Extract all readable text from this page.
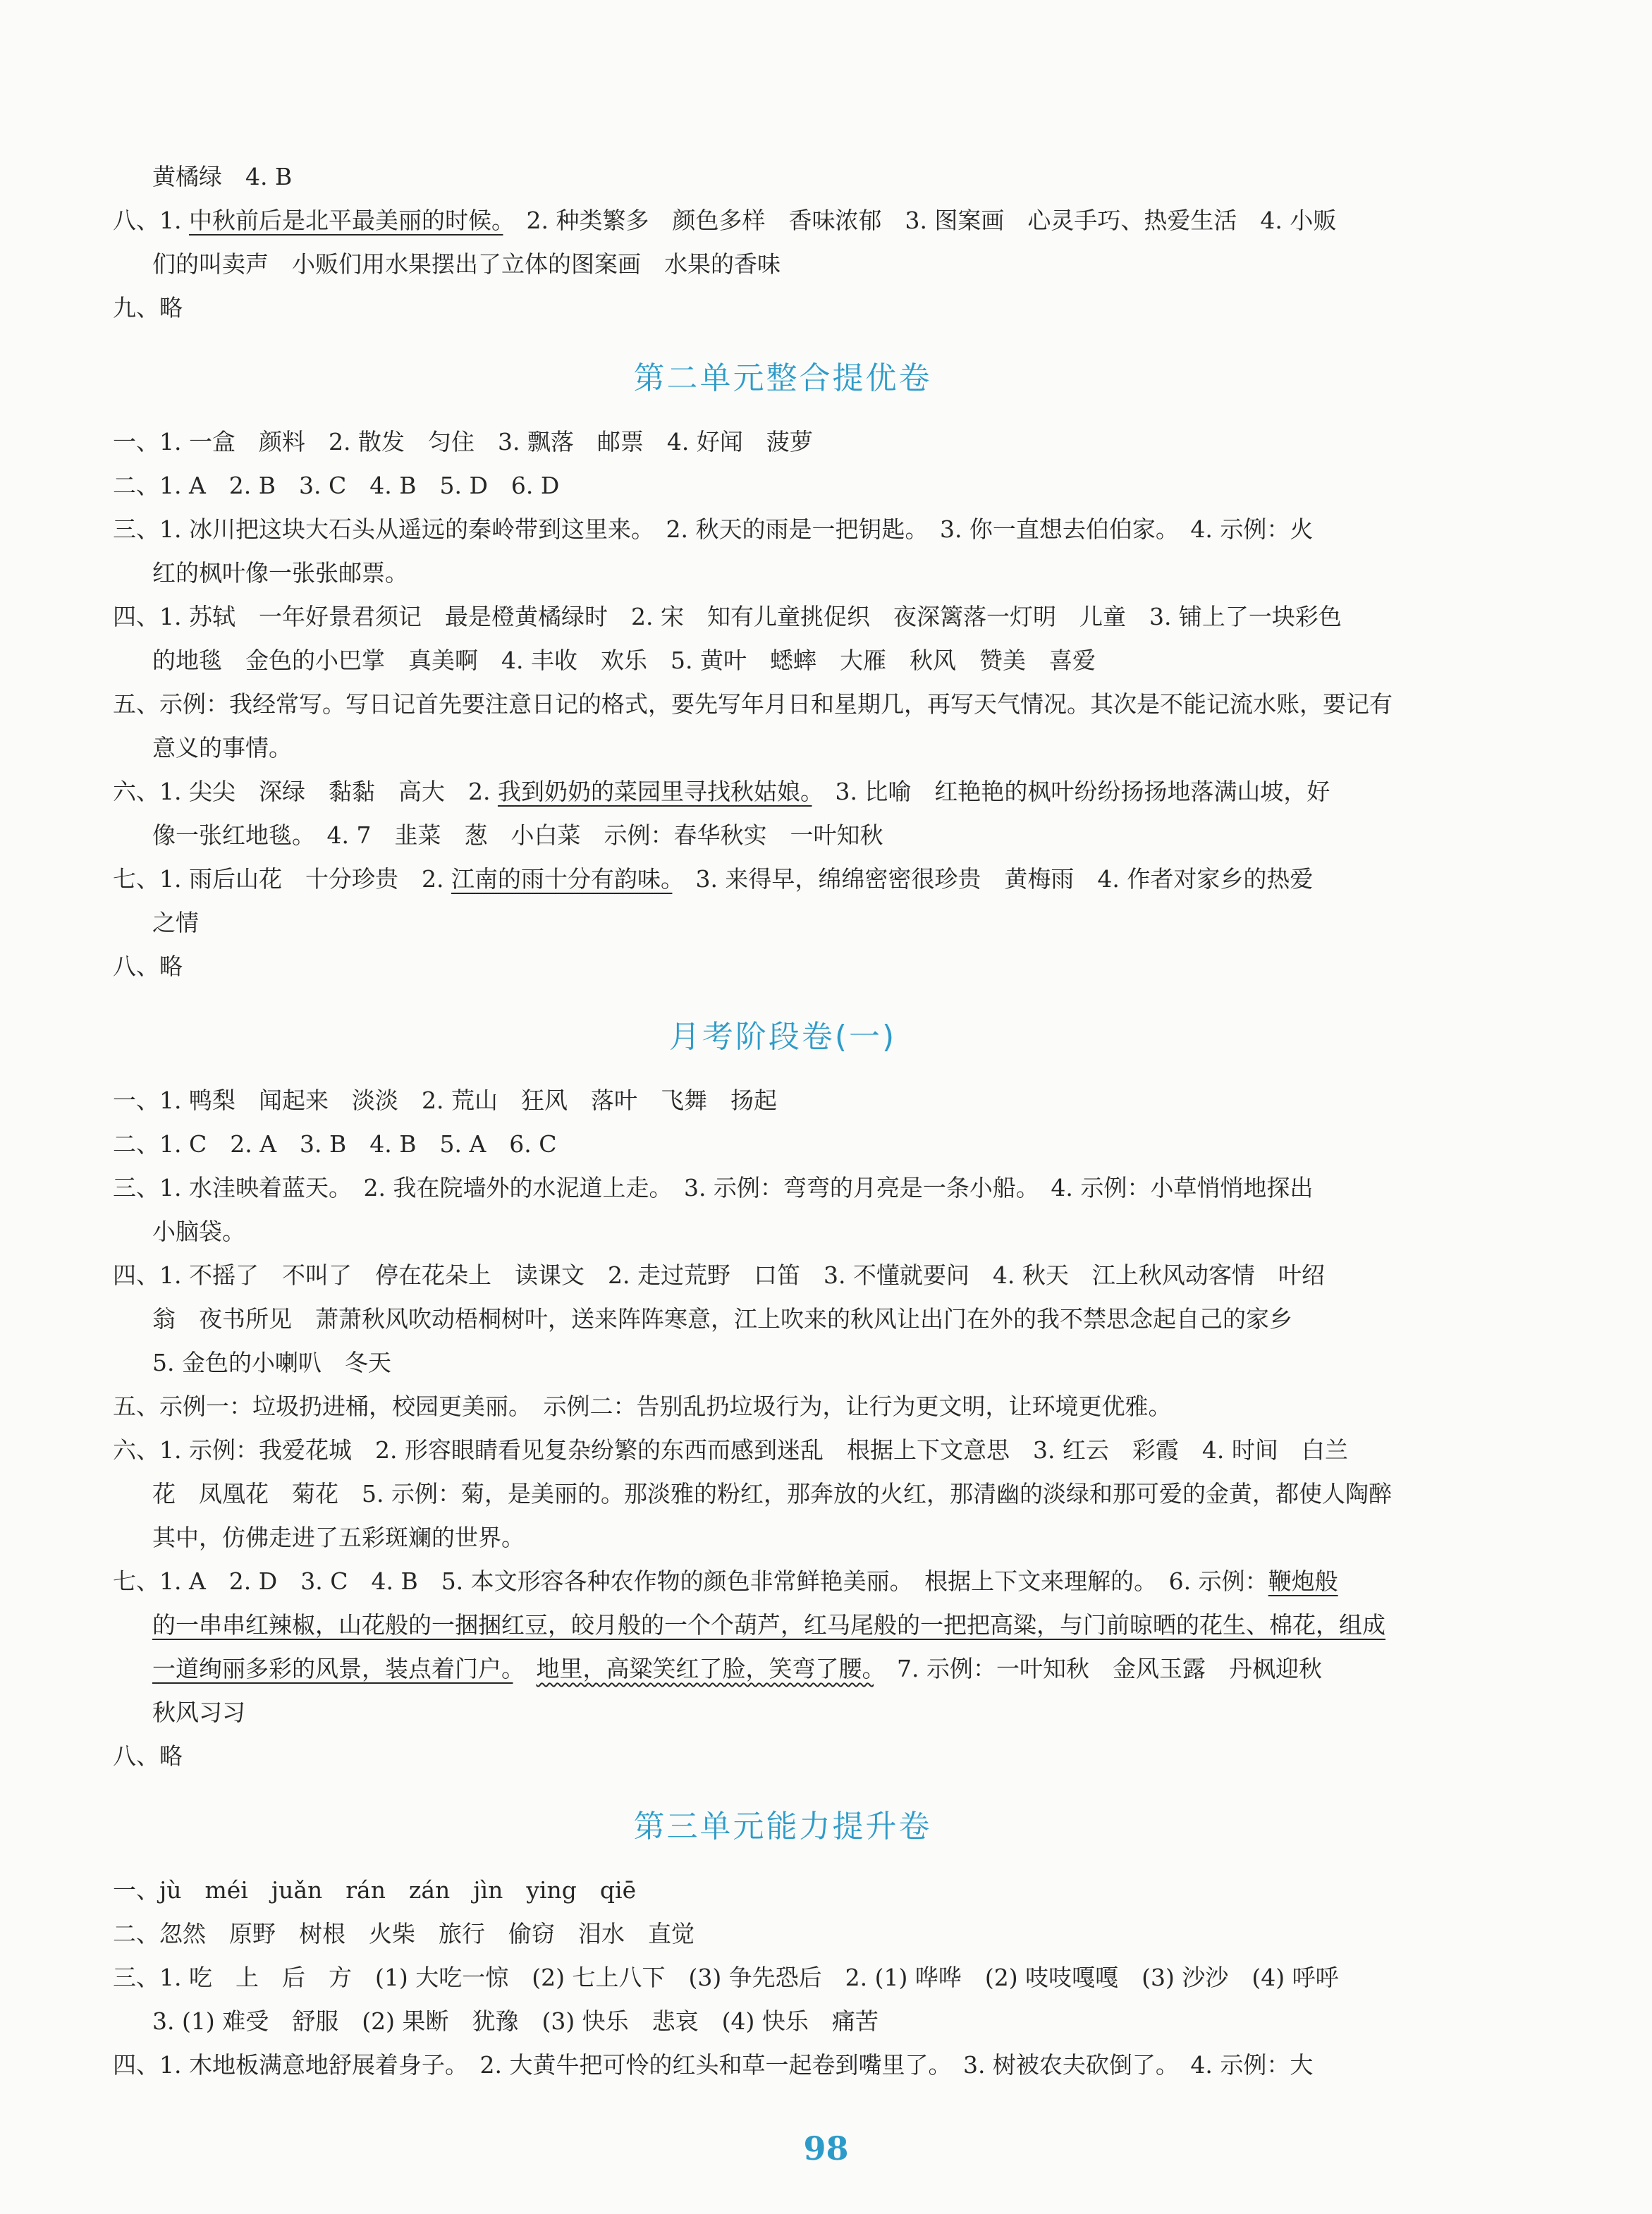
黄橘绿　4. B
八、1. 中秋前后是北平最美丽的时候。　2. 种类繁多　颜色多样　香味浓郁　3. 图案画　心灵手巧、热爱生活　4. 小贩
们的叫卖声　小贩们用水果摆出了立体的图案画　水果的香味
九、略
第二单元整合提优卷
一、1. 一盒　颜料　2. 散发　匀住　3. 飘落　邮票　4. 好闻　菠萝
二、1. A　2. B　3. C　4. B　5. D　6. D
三、1. 冰川把这块大石头从遥远的秦岭带到这里来。　2. 秋天的雨是一把钥匙。　3. 你一直想去伯伯家。　4. 示例：火
红的枫叶像一张张邮票。
四、1. 苏轼　一年好景君须记　最是橙黄橘绿时　2. 宋　知有儿童挑促织　夜深篱落一灯明　儿童　3. 铺上了一块彩色
的地毯　金色的小巴掌　真美啊　4. 丰收　欢乐　5. 黄叶　蟋蟀　大雁　秋风　赞美　喜爱
五、示例：我经常写。写日记首先要注意日记的格式，要先写年月日和星期几，再写天气情况。其次是不能记流水账，要记有
意义的事情。
六、1. 尖尖　深绿　黏黏　高大　2. 我到奶奶的菜园里寻找秋姑娘。　3. 比喻　红艳艳的枫叶纷纷扬扬地落满山坡，好
像一张红地毯。　4. 7　韭菜　葱　小白菜　示例：春华秋实　一叶知秋
七、1. 雨后山花　十分珍贵　2. 江南的雨十分有韵味。　3. 来得早，绵绵密密很珍贵　黄梅雨　4. 作者对家乡的热爱
之情
八、略
月考阶段卷(一)
一、1. 鸭梨　闻起来　淡淡　2. 荒山　狂风　落叶　飞舞　扬起
二、1. C　2. A　3. B　4. B　5. A　6. C
三、1. 水洼映着蓝天。　2. 我在院墙外的水泥道上走。　3. 示例：弯弯的月亮是一条小船。　4. 示例：小草悄悄地探出
小脑袋。
四、1. 不摇了　不叫了　停在花朵上　读课文　2. 走过荒野　口笛　3. 不懂就要问　4. 秋天　江上秋风动客情　叶绍
翁　夜书所见　萧萧秋风吹动梧桐树叶，送来阵阵寒意，江上吹来的秋风让出门在外的我不禁思念起自己的家乡
5. 金色的小喇叭　冬天
五、示例一：垃圾扔进桶，校园更美丽。　示例二：告别乱扔垃圾行为，让行为更文明，让环境更优雅。
六、1. 示例：我爱花城　2. 形容眼睛看见复杂纷繁的东西而感到迷乱　根据上下文意思　3. 红云　彩霞　4. 时间　白兰
花　凤凰花　菊花　5. 示例：菊，是美丽的。那淡雅的粉红，那奔放的火红，那清幽的淡绿和那可爱的金黄，都使人陶醉
其中，仿佛走进了五彩斑斓的世界。
七、1. A　2. D　3. C　4. B　5. 本文形容各种农作物的颜色非常鲜艳美丽。　根据上下文来理解的。　6. 示例：鞭炮般
的一串串红辣椒，山花般的一捆捆红豆，皎月般的一个个葫芦，红马尾般的一把把高粱，与门前晾晒的花生、棉花，组成
一道绚丽多彩的风景，装点着门户。　 地里，高粱笑红了脸，笑弯了腰。　7. 示例：一叶知秋　金风玉露　丹枫迎秋
秋风习习
八、略
第三单元能力提升卷
一、jù　méi　juǎn　rán　zán　jìn　ying　qiē
二、忽然　原野　树根　火柴　旅行　偷窃　泪水　直觉
三、1. 吃　上　后　方　(1) 大吃一惊　(2) 七上八下　(3) 争先恐后　2. (1) 哗哗　(2) 吱吱嘎嘎　(3) 沙沙　(4) 呼呼
3. (1) 难受　舒服　(2) 果断　犹豫　(3) 快乐　悲哀　(4) 快乐　痛苦
四、1. 木地板满意地舒展着身子。　2. 大黄牛把可怜的红头和草一起卷到嘴里了。　3. 树被农夫砍倒了。　4. 示例：大
98
